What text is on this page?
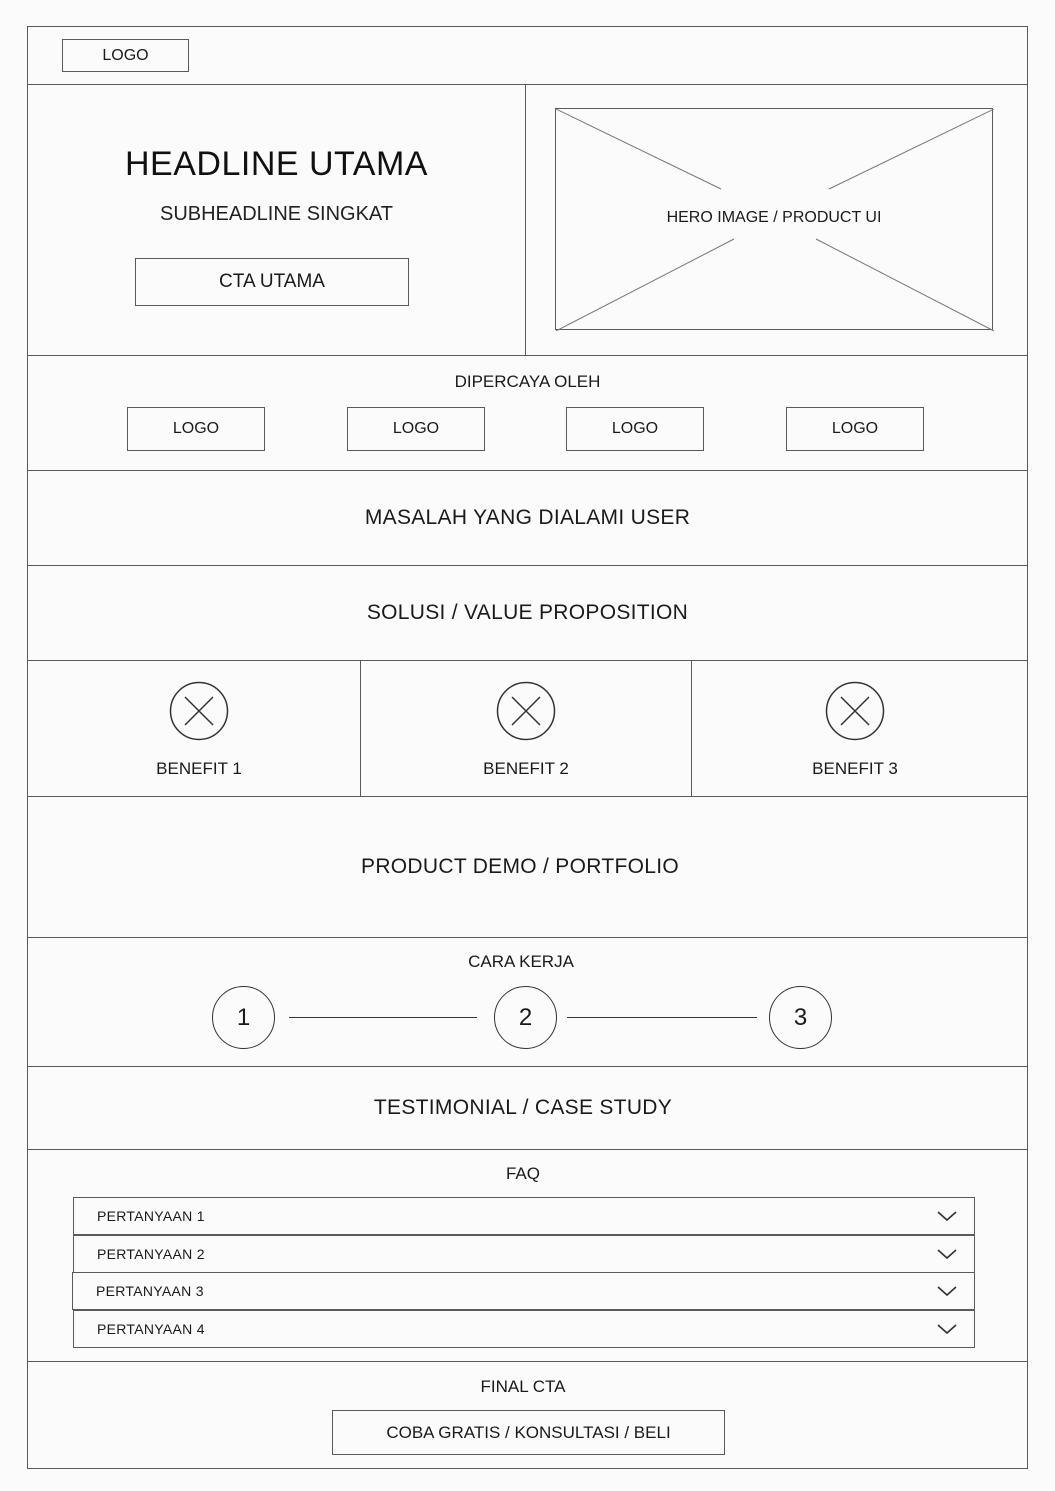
LOGO
HEADLINE UTAMA
SUBHEADLINE SINGKAT
CTA UTAMA
HERO IMAGE / PRODUCT UI
DIPERCAYA OLEH
LOGO	LOGO	LOGO	LOGO
MASALAH YANG DIALAMI USER
SOLUSI / VALUE PROPOSITION
BENEFIT 1	BENEFIT 2	BENEFIT 3
PRODUCT DEMO / PORTFOLIO
CARA KERJA
1	2	3
TESTIMONIAL / CASE STUDY
FAQ
PERTANYAAN 1
PERTANYAAN 2
PERTANYAAN 3
PERTANYAAN 4
FINAL CTA
COBA GRATIS / KONSULTASI / BELI
